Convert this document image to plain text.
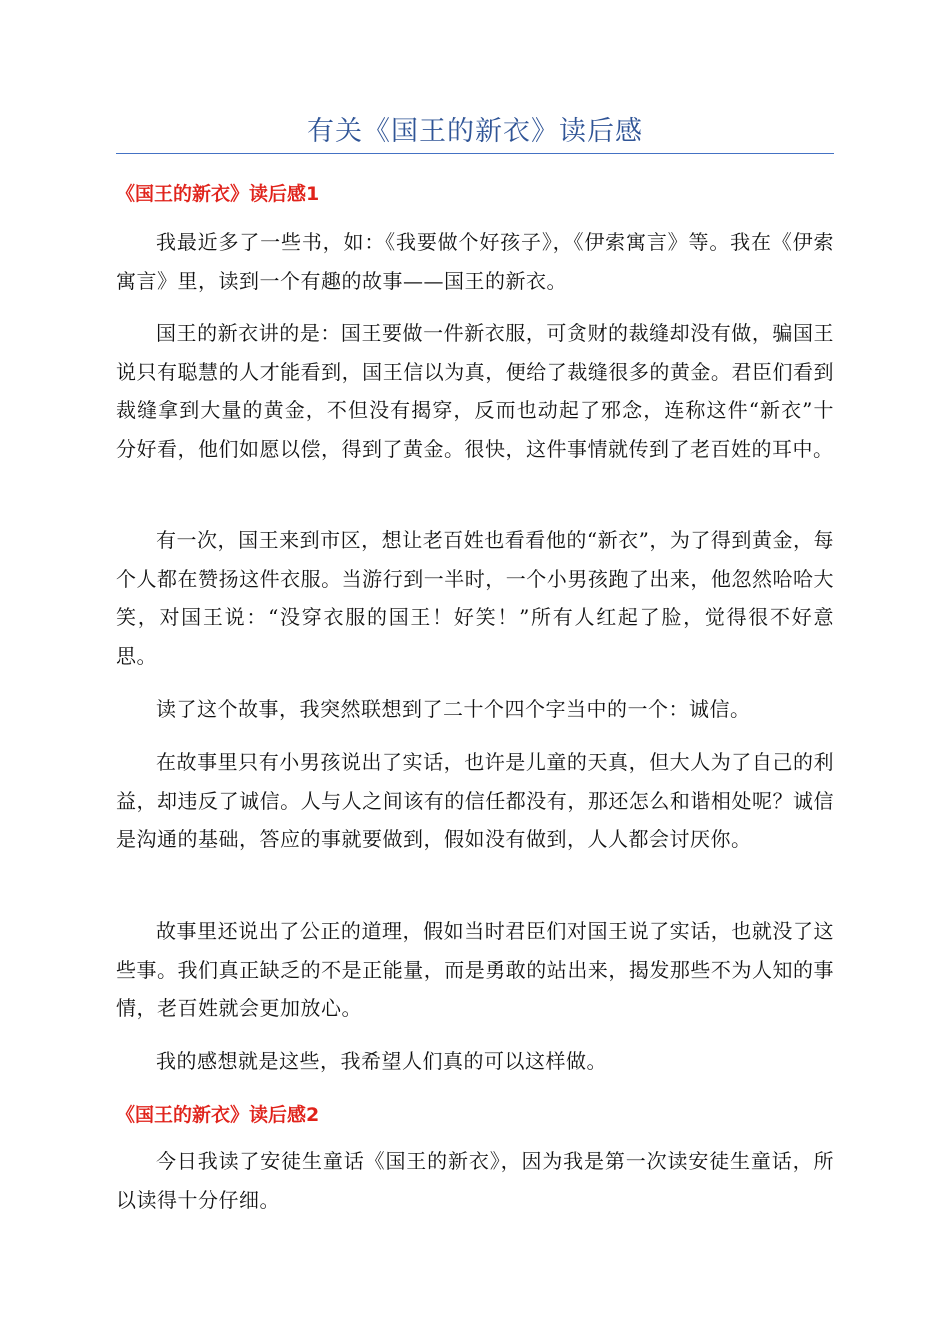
有关《国王的新衣》读后感
《国王的新衣》读后感1

我最近多了一些书，如：《我要做个好孩子》，《伊索寓言》等。我在《伊索寓言》里，读到一个有趣的故事——国王的新衣。

国王的新衣讲的是：国王要做一件新衣服，可贪财的裁缝却没有做，骗国王说只有聪慧的人才能看到，国王信以为真，便给了裁缝很多的黄金。君臣们看到裁缝拿到大量的黄金，不但没有揭穿，反而也动起了邪念，连称这件“新衣”十分好看，他们如愿以偿，得到了黄金。很快，这件事情就传到了老百姓的耳中。

有一次，国王来到市区，想让老百姓也看看他的“新衣”，为了得到黄金，每个人都在赞扬这件衣服。当游行到一半时，一个小男孩跑了出来，他忽然哈哈大笑，对国王说：“没穿衣服的国王！好笑！”所有人红起了脸，觉得很不好意思。

读了这个故事，我突然联想到了二十个四个字当中的一个：诚信。

在故事里只有小男孩说出了实话，也许是儿童的天真，但大人为了自己的利益，却违反了诚信。人与人之间该有的信任都没有，那还怎么和谐相处呢？诚信是沟通的基础，答应的事就要做到，假如没有做到，人人都会讨厌你。

故事里还说出了公正的道理，假如当时君臣们对国王说了实话，也就没了这些事。我们真正缺乏的不是正能量，而是勇敢的站出来，揭发那些不为人知的事情，老百姓就会更加放心。

我的感想就是这些，我希望人们真的可以这样做。

《国王的新衣》读后感2

今日我读了安徒生童话《国王的新衣》，因为我是第一次读安徒生童话，所以读得十分仔细。
